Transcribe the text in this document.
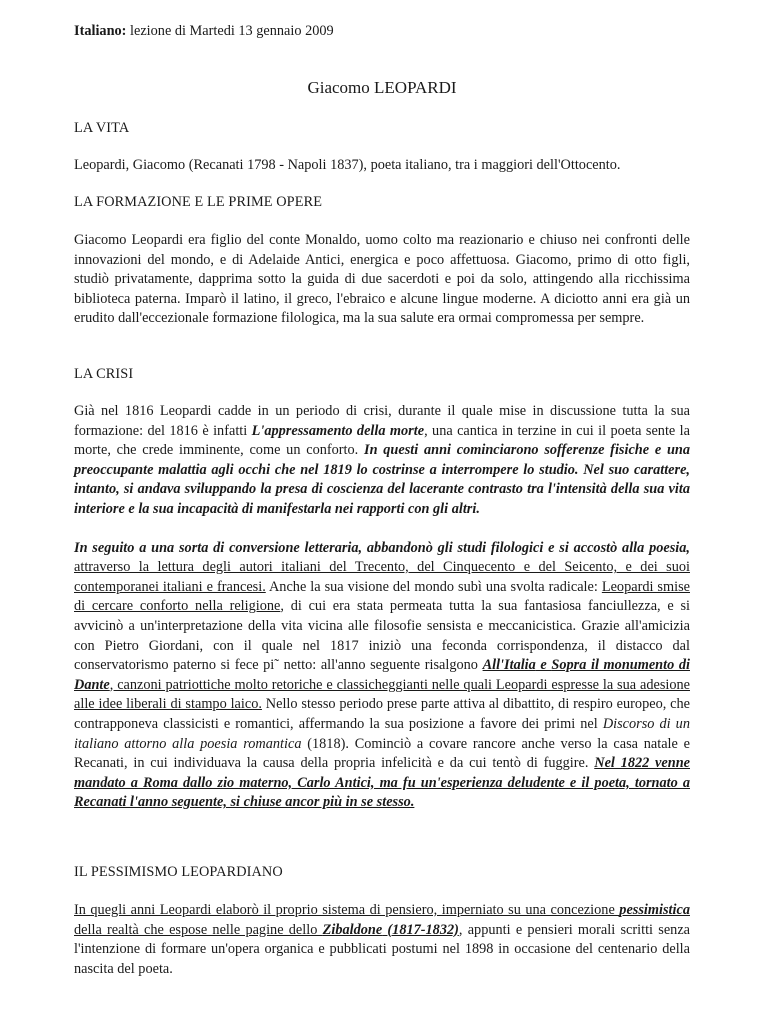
Italiano: lezione di Martedi 13 gennaio 2009
Giacomo LEOPARDI
LA VITA

Leopardi, Giacomo (Recanati 1798 - Napoli 1837), poeta italiano, tra i maggiori dell'Ottocento.

LA FORMAZIONE E LE PRIME OPERE

Giacomo Leopardi era figlio del conte Monaldo, uomo colto ma reazionario e chiuso nei confronti delle innovazioni del mondo, e di Adelaide Antici, energica e poco affettuosa. Giacomo, primo di otto figli, studiò privatamente, dapprima sotto la guida di due sacerdoti e poi da solo, attingendo alla ricchissima biblioteca paterna. Imparò il latino, il greco, l'ebraico e alcune lingue moderne. A diciotto anni era già un erudito dall'eccezionale formazione filologica, ma la sua salute era ormai compromessa per sempre.

LA CRISI

Già nel 1816 Leopardi cadde in un periodo di crisi, durante il quale mise in discussione tutta la sua formazione: del 1816 è infatti L'appressamento della morte, una cantica in terzine in cui il poeta sente la morte, che crede imminente, come un conforto. In questi anni cominciarono sofferenze fisiche e una preoccupante malattia agli occhi che nel 1819 lo costrinse a interrompere lo studio. Nel suo carattere, intanto, si andava sviluppando la presa di coscienza del lacerante contrasto tra l'intensità della sua vita interiore e la sua incapacità di manifestarla nei rapporti con gli altri.

In seguito a una sorta di conversione letteraria, abbandonò gli studi filologici e si accostò alla poesia, attraverso la lettura degli autori italiani del Trecento, del Cinquecento e del Seicento, e dei suoi contemporanei italiani e francesi. Anche la sua visione del mondo subì una svolta radicale: Leopardi smise di cercare conforto nella religione, di cui era stata permeata tutta la sua fantasiosa fanciullezza, e si avvicinò a un'interpretazione della vita vicina alle filosofie sensista e meccanicistica. Grazie all'amicizia con Pietro Giordani, con il quale nel 1817 iniziò una feconda corrispondenza, il distacco dal conservatorismo paterno si fece pi˜ netto: all'anno seguente risalgono All'Italia e Sopra il monumento di Dante, canzoni patriottiche molto retoriche e classicheggianti nelle quali Leopardi espresse la sua adesione alle idee liberali di stampo laico. Nello stesso periodo prese parte attiva al dibattito, di respiro europeo, che contrapponeva classicisti e romantici, affermando la sua posizione a favore dei primi nel Discorso di un italiano attorno alla poesia romantica (1818). Cominciò a covare rancore anche verso la casa natale e Recanati, in cui individuava la causa della propria infelicità e da cui tentò di fuggire. Nel 1822 venne mandato a Roma dallo zio materno, Carlo Antici, ma fu un'esperienza deludente e il poeta, tornato a Recanati l'anno seguente, si chiuse ancor più in se stesso.

IL PESSIMISMO LEOPARDIANO

In quegli anni Leopardi elaborò il proprio sistema di pensiero, imperniato su una concezione pessimistica della realtà che espose nelle pagine dello Zibaldone (1817-1832), appunti e pensieri morali scritti senza l'intenzione di formare un'opera organica e pubblicati postumi nel 1898 in occasione del centenario della nascita del poeta.
